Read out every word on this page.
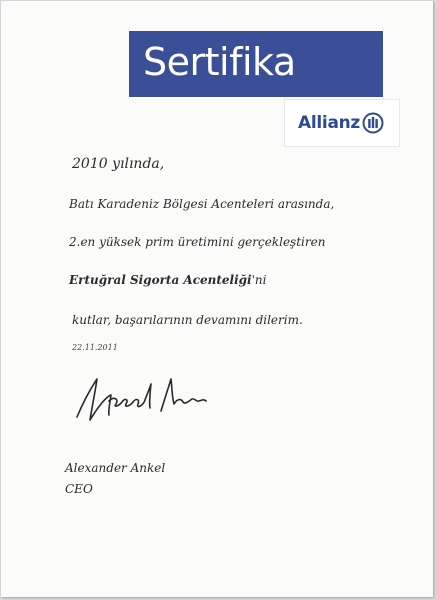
Sertifika
Allianz
2010 yılında,
Batı Karadeniz Bölgesi Acenteleri arasında,
2.en yüksek prim üretimini gerçekleştiren
Ertuğral Sigorta Acenteliği'ni
kutlar, başarılarının devamını dilerim.
22.11.2011
Alexander Ankel
CEO
